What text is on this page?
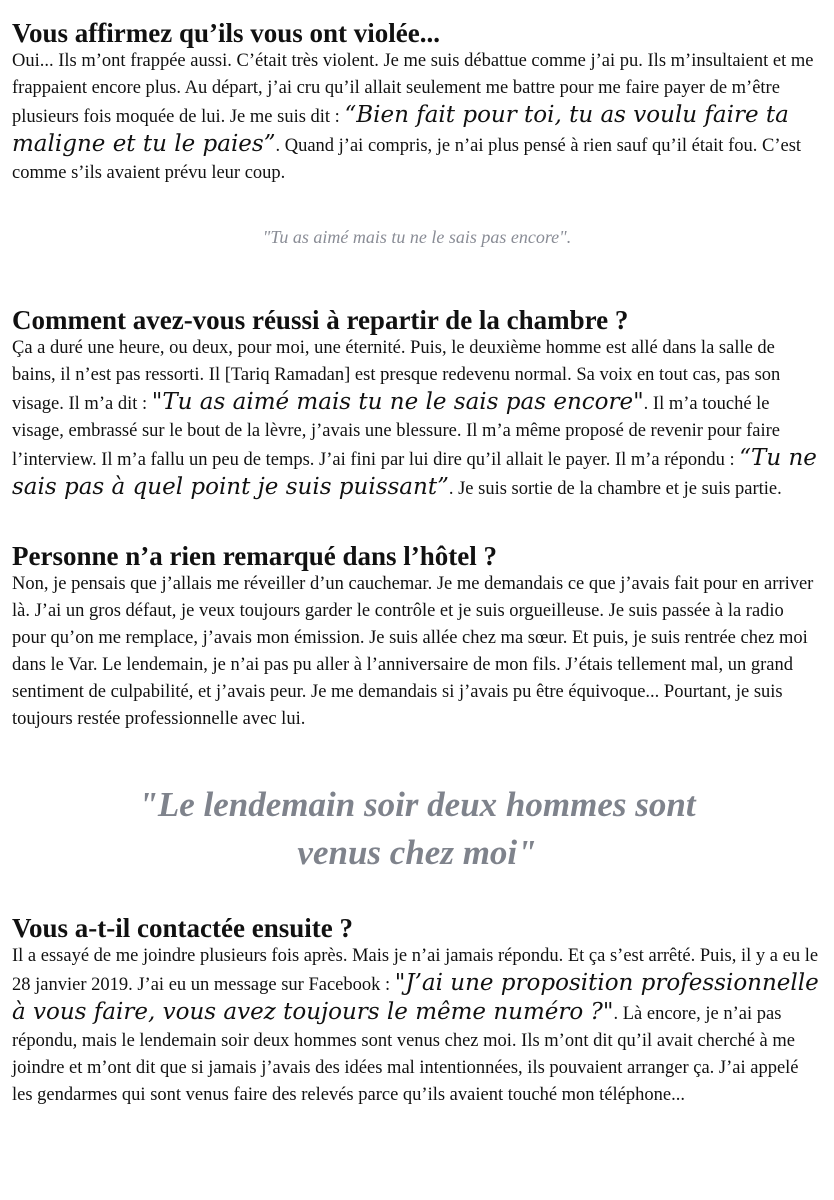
Vous affirmez qu’ils vous ont violée...

Oui... Ils m’ont frappée aussi. C’était très violent. Je me suis débattue comme j’ai pu. Ils m’insultaient et me frappaient encore plus. Au départ, j’ai cru qu’il allait seulement me battre pour me faire payer de m’être plusieurs fois moquée de lui. Je me suis dit : “Bien fait pour toi, tu as voulu faire ta maligne et tu le paies”. Quand j’ai compris, je n’ai plus pensé à rien sauf qu’il était fou. C’est comme s’ils avaient prévu leur coup.

"Tu as aimé mais tu ne le sais pas encore".

Comment avez-vous réussi à repartir de la chambre ?

Ça a duré une heure, ou deux, pour moi, une éternité. Puis, le deuxième homme est allé dans la salle de bains, il n’est pas ressorti. Il [Tariq Ramadan] est presque redevenu normal. Sa voix en tout cas, pas son visage. Il m’a dit : "Tu as aimé mais tu ne le sais pas encore". Il m’a touché le visage, embrassé sur le bout de la lèvre, j’avais une blessure. Il m’a même proposé de revenir pour faire l’interview. Il m’a fallu un peu de temps. J’ai fini par lui dire qu’il allait le payer. Il m’a répondu : “Tu ne sais pas à quel point je suis puissant”. Je suis sortie de la chambre et je suis partie.

Personne n’a rien remarqué dans l’hôtel ?

Non, je pensais que j’allais me réveiller d’un cauchemar. Je me demandais ce que j’avais fait pour en arriver là. J’ai un gros défaut, je veux toujours garder le contrôle et je suis orgueilleuse. Je suis passée à la radio pour qu’on me remplace, j’avais mon émission. Je suis allée chez ma sœur. Et puis, je suis rentrée chez moi dans le Var. Le lendemain, je n’ai pas pu aller à l’anniversaire de mon fils. J’étais tellement mal, un grand sentiment de culpabilité, et j’avais peur. Je me demandais si j’avais pu être équivoque... Pourtant, je suis toujours restée professionnelle avec lui.

"Le lendemain soir deux hommes sont
venus chez moi"

Vous a-t-il contactée ensuite ?

Il a essayé de me joindre plusieurs fois après. Mais je n’ai jamais répondu. Et ça s’est arrêté. Puis, il y a eu le 28 janvier 2019. J’ai eu un message sur Facebook : "J’ai une proposition professionnelle à vous faire, vous avez toujours le même numéro ?". Là encore, je n’ai pas répondu, mais le lendemain soir deux hommes sont venus chez moi. Ils m’ont dit qu’il avait cherché à me joindre et m’ont dit que si jamais j’avais des idées mal intentionnées, ils pouvaient arranger ça. J’ai appelé les gendarmes qui sont venus faire des relevés parce qu’ils avaient touché mon téléphone...
